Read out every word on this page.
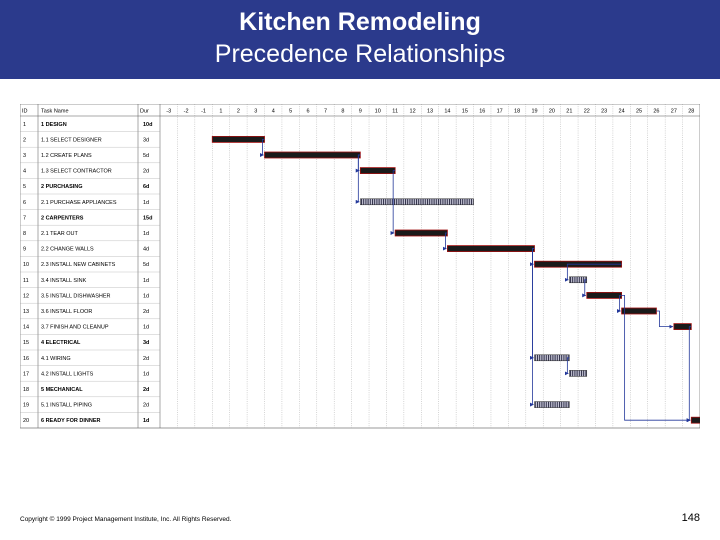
Kitchen Remodeling
Precedence Relationships
ID Task Name	Dur	-3 -2 -1 1	2	3	4	5	6	7	8	9 10 11 12 13 14 15 16 17 18 19 20 21 22 23 24 25 26 27 28
1	1 DESIGN	10d
2	1.1 SELECT DESIGNER	3d
3	1.2 CREATE PLANS	5d
4	1.3 SELECT CONTRACTOR	2d
5	2 PURCHASING	6d
6	2.1 PURCHASE APPLIANCES	1d
7	2 CARPENTERS	15d
8	2.1 TEAR OUT	1d
9	2.2 CHANGE WALLS	4d
10 2.3 INSTALL NEW CABINETS	5d
11 3.4 INSTALL SINK	1d
12 3.5 INSTALL DISHWASHER	1d
13 3.6 INSTALL FLOOR	2d
14 3.7 FINISH AND CLEANUP	1d
15 4 ELECTRICAL	3d
16 4.1 WIRING	2d
17 4.2 INSTALL LIGHTS	1d
18 5 MECHANICAL	2d
19 5.1 INSTALL PIPING	2d
20 6 READY FOR DINNER	1d
Copyright © 1999 Project Management Institute, Inc. All Rights Reserved.	148
